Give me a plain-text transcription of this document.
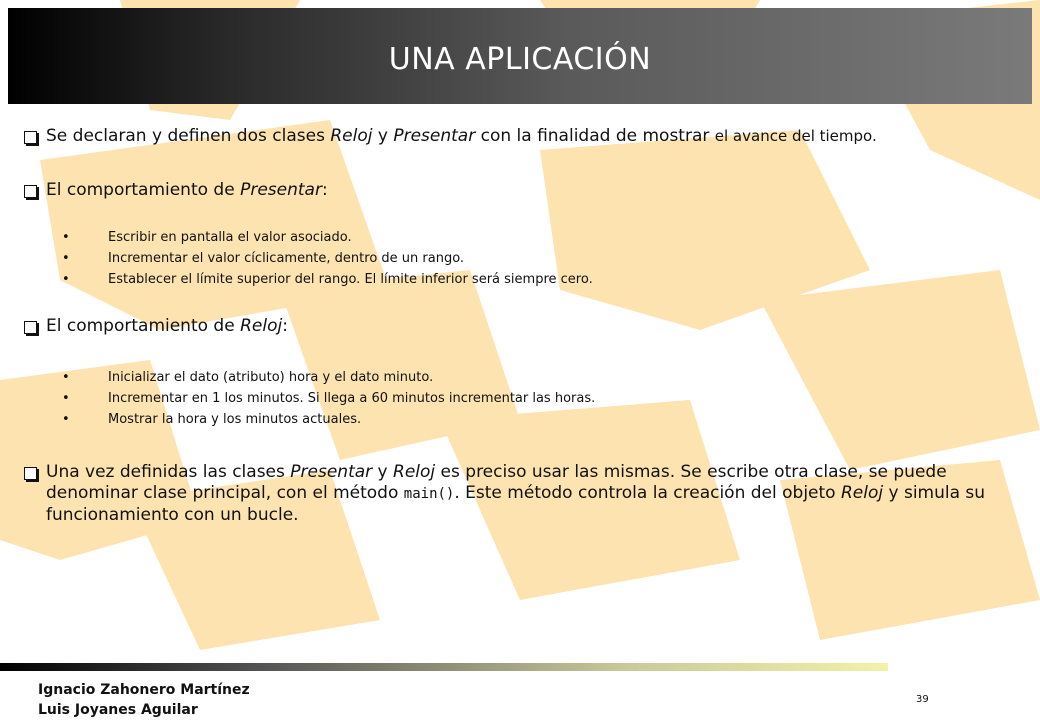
UNA APLICACIÓN
Se declaran y definen dos clases Reloj y Presentar con la finalidad de mostrar el avance del tiempo.
El comportamiento de Presentar:
•	Escribir en pantalla el valor asociado.
•	Incrementar el valor cíclicamente, dentro de un rango.
•	Establecer el límite superior del rango. El límite inferior será siempre cero.
El comportamiento de Reloj:
•	Inicializar el dato (atributo) hora y el dato minuto.
•	Incrementar en 1 los minutos. Si llega a 60 minutos incrementar las horas.
•	Mostrar la hora y los minutos actuales.
Una vez definidas las clases Presentar y Reloj es preciso usar las mismas. Se escribe otra clase, se puede denominar clase principal, con el método main(). Este método controla la creación del objeto Reloj y simula su funcionamiento con un bucle.
Ignacio Zahonero Martínez
Luis Joyanes Aguilar
39
